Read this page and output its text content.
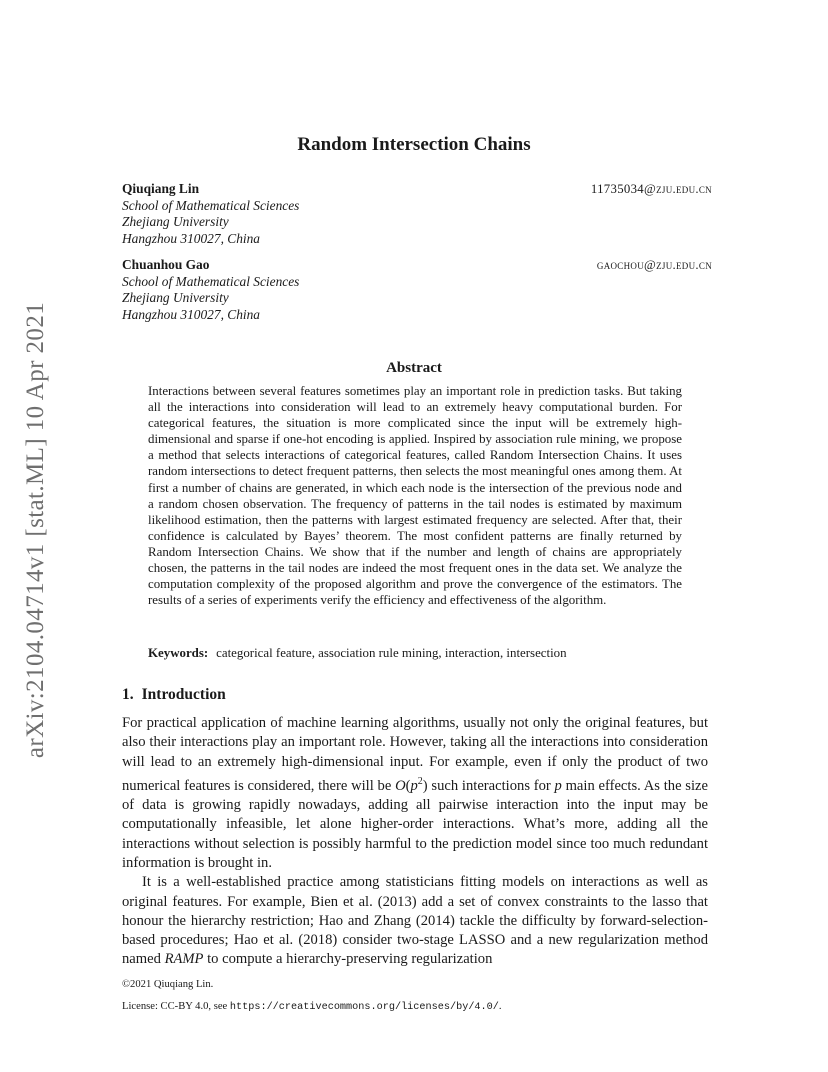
arXiv:2104.04714v1 [stat.ML] 10 Apr 2021
Random Intersection Chains
Qiuqiang Lin	11735034@zju.edu.cn
School of Mathematical Sciences
Zhejiang University
Hangzhou 310027, China
Chuanhou Gao	gaochou@zju.edu.cn
School of Mathematical Sciences
Zhejiang University
Hangzhou 310027, China
Abstract
Interactions between several features sometimes play an important role in prediction tasks. But taking all the interactions into consideration will lead to an extremely heavy computational burden. For categorical features, the situation is more complicated since the input will be extremely high-dimensional and sparse if one-hot encoding is applied. Inspired by association rule mining, we propose a method that selects interactions of categorical features, called Random Intersection Chains. It uses random intersections to detect frequent patterns, then selects the most meaningful ones among them. At first a number of chains are generated, in which each node is the intersection of the previous node and a random chosen observation. The frequency of patterns in the tail nodes is estimated by maximum likelihood estimation, then the patterns with largest estimated frequency are selected. After that, their confidence is calculated by Bayes’ theorem. The most confident patterns are finally returned by Random Intersection Chains. We show that if the number and length of chains are appropriately chosen, the patterns in the tail nodes are indeed the most frequent ones in the data set. We analyze the computation complexity of the proposed algorithm and prove the convergence of the estimators. The results of a series of experiments verify the efficiency and effectiveness of the algorithm.
Keywords: categorical feature, association rule mining, interaction, intersection
1. Introduction

For practical application of machine learning algorithms, usually not only the original features, but also their interactions play an important role. However, taking all the interactions into consideration will lead to an extremely high-dimensional input. For example, even if only the product of two numerical features is considered, there will be $O(p^2)$ such interactions for p main effects. As the size of data is growing rapidly nowadays, adding all pairwise interaction into the input may be computationally infeasible, let alone higher-order interactions. What’s more, adding all the interactions without selection is possibly harmful to the prediction model since too much redundant information is brought in.

It is a well-established practice among statisticians fitting models on interactions as well as original features. For example, Bien et al. (2013) add a set of convex constraints to the lasso that honour the hierarchy restriction; Hao and Zhang (2014) tackle the difficulty by forward-selection-based procedures; Hao et al. (2018) consider two-stage LASSO and a new regularization method named RAMP to compute a hierarchy-preserving regularization

©2021 Qiuqiang Lin.
License: CC-BY 4.0, see https://creativecommons.org/licenses/by/4.0/.
